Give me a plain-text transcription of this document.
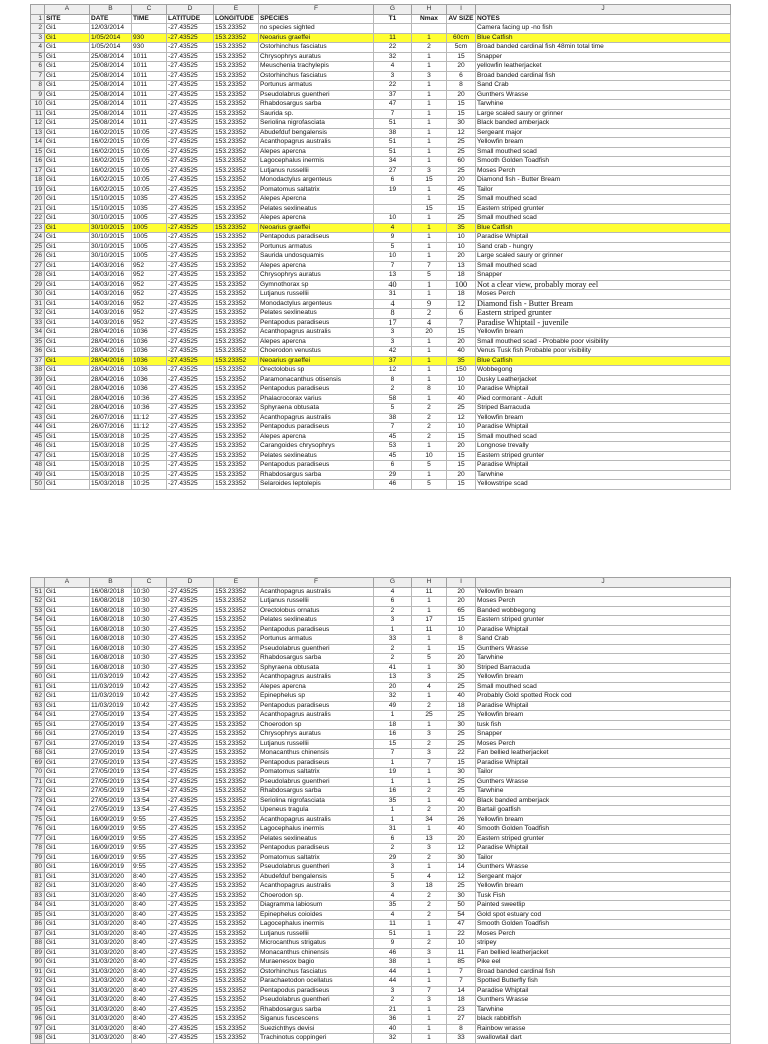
	A	B	C	D	E	F	G	H	I	J
1	SITE	DATE	TIME	LATITUDE	LONGITUDE	SPECIES	T1	Nmax	AV SIZE	NOTES
2	Gi1	12/03/2014		-27.43525	153.23352	no species sighted				Camera facing up -no fish
3	Gi1	1/05/2014	930	-27.43525	153.23352	Neoarius graeffei	11	1	60cm	Blue Catfish
4	Gi1	1/05/2014	930	-27.43525	153.23352	Ostorhinchus fasciatus	22	2	5cm	Broad banded cardinal fish 48min total time
5	Gi1	25/08/2014	1011	-27.43525	153.23352	Chrysophrys auratus	32	1	15	Snapper
6	Gi1	25/08/2014	1011	-27.43525	153.23352	Meuschenia trachylepis	4	1	20	yellowfin leatherjacket
7	Gi1	25/08/2014	1011	-27.43525	153.23352	Ostorhinchus fasciatus	3	3	6	Broad banded cardinal fish
8	Gi1	25/08/2014	1011	-27.43525	153.23352	Portunus armatus	22	1	8	Sand Crab
9	Gi1	25/08/2014	1011	-27.43525	153.23352	Pseudolabrus guentheri	37	1	20	Gunthers Wrasse
10	Gi1	25/08/2014	1011	-27.43525	153.23352	Rhabdosargus sarba	47	1	15	Tarwhine
11	Gi1	25/08/2014	1011	-27.43525	153.23352	Saurida sp.	7	1	15	Large scaled saury or grinner
12	Gi1	25/08/2014	1011	-27.43525	153.23352	Seriolina nigrofasciata	51	1	30	Black banded amberjack
13	Gi1	16/02/2015	10:05	-27.43525	153.23352	Abudefduf bengalensis	38	1	12	Sergeant major
14	Gi1	16/02/2015	10:05	-27.43525	153.23352	Acanthopagrus australis	51	1	25	Yellowfin bream
15	Gi1	16/02/2015	10:05	-27.43525	153.23352	Alepes apercna	51	1	25	Small mouthed scad
16	Gi1	16/02/2015	10:05	-27.43525	153.23352	Lagocephalus inermis	34	1	60	Smooth Golden Toadfish
17	Gi1	16/02/2015	10:05	-27.43525	153.23352	Lutjanus russellii	27	3	25	Moses Perch
18	Gi1	16/02/2015	10:05	-27.43525	153.23352	Monodactylus argenteus	6	15	20	Diamond fish - Butter Bream
19	Gi1	16/02/2015	10:05	-27.43525	153.23352	Pomatomus saltatrix	19	1	45	Tailor
20	Gi1	15/10/2015	1035	-27.43525	153.23352	Alepes Apercna		1	25	Small mouthed scad
21	Gi1	15/10/2015	1035	-27.43525	153.23352	Pelates sexlineatus		15	15	Eastern striped grunter
22	Gi1	30/10/2015	1005	-27.43525	153.23352	Alepes apercna	10	1	25	Small mouthed scad
23	Gi1	30/10/2015	1005	-27.43525	153.23352	Neoarius graeffei	4	1	35	Blue Catfish
24	Gi1	30/10/2015	1005	-27.43525	153.23352	Pentapodus paradiseus	9	1	10	Paradise Whiptail
25	Gi1	30/10/2015	1005	-27.43525	153.23352	Portunus armatus	5	1	10	Sand crab - hungry
26	Gi1	30/10/2015	1005	-27.43525	153.23352	Saurida undosquamis	10	1	20	Large scaled saury or grinner
27	Gi1	14/03/2016	952	-27.43525	153.23352	Alepes apercna	7	7	13	Small mouthed scad
28	Gi1	14/03/2016	952	-27.43525	153.23352	Chrysophrys auratus	13	5	18	Snapper
29	Gi1	14/03/2016	952	-27.43525	153.23352	Gymnothorax sp	40	1	100	Not a clear view, probably moray eel
30	Gi1	14/03/2016	952	-27.43525	153.23352	Lutjanus russellii	31	1	18	Moses Perch
31	Gi1	14/03/2016	952	-27.43525	153.23352	Monodactylus argenteus	4	9	12	Diamond fish - Butter Bream
32	Gi1	14/03/2016	952	-27.43525	153.23352	Pelates sexlineatus	8	2	6	Eastern striped grunter
33	Gi1	14/03/2016	952	-27.43525	153.23352	Pentapodus paradiseus	17	4	7	Paradise Whiptail - juvenile
34	Gi1	28/04/2016	1036	-27.43525	153.23352	Acanthopagrus australis	3	20	15	Yellowfin bream
35	Gi1	28/04/2016	1036	-27.43525	153.23352	Alepes apercna	3	1	20	Small mouthed scad - Probable poor visibility
36	Gi1	28/04/2016	1036	-27.43525	153.23352	Choerodon venustus	42	1	40	Venus Tusk fish Probable poor visibility
37	Gi1	28/04/2016	1036	-27.43525	153.23352	Neoarius graeffei	37	1	35	Blue Catfish
38	Gi1	28/04/2016	1036	-27.43525	153.23352	Orectolobus sp	12	1	150	Wobbegong
39	Gi1	28/04/2016	1036	-27.43525	153.23352	Paramonacanthus otisensis	8	1	10	Dusky Leatherjacket
40	Gi1	28/04/2016	1036	-27.43525	153.23352	Pentapodus paradiseus	2	8	10	Paradise Whiptail
41	Gi1	28/04/2016	10:36	-27.43525	153.23352	Phalacrocorax varius	58	1	40	Pied cormorant - Adult
42	Gi1	28/04/2016	10:36	-27.43525	153.23352	Sphyraena obtusata	5	2	25	Striped Barracuda
43	Gi1	26/07/2016	11:12	-27.43525	153.23352	Acanthopagrus australis	38	2	12	Yellowfin bream
44	Gi1	26/07/2016	11:12	-27.43525	153.23352	Pentapodus paradiseus	7	2	10	Paradise Whiptail
45	Gi1	15/03/2018	10:25	-27.43525	153.23352	Alepes apercna	45	2	15	Small mouthed scad
46	Gi1	15/03/2018	10:25	-27.43525	153.23352	Carangoides chrysophrys	53	1	20	Longnose trevally
47	Gi1	15/03/2018	10:25	-27.43525	153.23352	Pelates sexlineatus	45	10	15	Eastern striped grunter
48	Gi1	15/03/2018	10:25	-27.43525	153.23352	Pentapodus paradiseus	6	5	15	Paradise Whiptail
49	Gi1	15/03/2018	10:25	-27.43525	153.23352	Rhabdosargus sarba	29	1	20	Tarwhine
50	Gi1	15/03/2018	10:25	-27.43525	153.23352	Selaroides leptolepis	46	5	15	Yellowstripe scad
	A	B	C	D	E	F	G	H	I	J
51	Gi1	16/08/2018	10:30	-27.43525	153.23352	Acanthopagrus australis	4	11	20	Yellowfin bream
52	Gi1	16/08/2018	10:30	-27.43525	153.23352	Lutjanus russellii	6	1	20	Moses Perch
53	Gi1	16/08/2018	10:30	-27.43525	153.23352	Orectolobus ornatus	2	1	65	Banded wobbegong
54	Gi1	16/08/2018	10:30	-27.43525	153.23352	Pelates sexlineatus	3	17	15	Eastern striped grunter
55	Gi1	16/08/2018	10:30	-27.43525	153.23352	Pentapodus paradiseus	1	11	10	Paradise Whiptail
56	Gi1	16/08/2018	10:30	-27.43525	153.23352	Portunus armatus	33	1	8	Sand Crab
57	Gi1	16/08/2018	10:30	-27.43525	153.23352	Pseudolabrus guentheri	2	1	15	Gunthers Wrasse
58	Gi1	16/08/2018	10:30	-27.43525	153.23352	Rhabdosargus sarba	2	5	20	Tarwhine
59	Gi1	16/08/2018	10:30	-27.43525	153.23352	Sphyraena obtusata	41	1	30	Striped Barracuda
60	Gi1	11/03/2019	10:42	-27.43525	153.23352	Acanthopagrus australis	13	3	25	Yellowfin bream
61	Gi1	11/03/2019	10:42	-27.43525	153.23352	Alepes apercna	20	4	25	Small mouthed scad
62	Gi1	11/03/2019	10:42	-27.43525	153.23352	Epinephelus sp	32	1	40	Probably Gold spotted Rock cod
63	Gi1	11/03/2019	10:42	-27.43525	153.23352	Pentapodus paradiseus	49	2	18	Paradise Whiptail
64	Gi1	27/05/2019	13:54	-27.43525	153.23352	Acanthopagrus australis	1	25	25	Yellowfin bream
65	Gi1	27/05/2019	13:54	-27.43525	153.23352	Choerodon sp	18	1	30	tusk fish
66	Gi1	27/05/2019	13:54	-27.43525	153.23352	Chrysophrys auratus	16	3	25	Snapper
67	Gi1	27/05/2019	13:54	-27.43525	153.23352	Lutjanus russellii	15	2	25	Moses Perch
68	Gi1	27/05/2019	13:54	-27.43525	153.23352	Monacanthus chinensis	7	3	22	Fan bellied leatherjacket
69	Gi1	27/05/2019	13:54	-27.43525	153.23352	Pentapodus paradiseus	1	7	15	Paradise Whiptail
70	Gi1	27/05/2019	13:54	-27.43525	153.23352	Pomatomus saltatrix	19	1	30	Tailor
71	Gi1	27/05/2019	13:54	-27.43525	153.23352	Pseudolabrus guentheri	1	1	25	Gunthers Wrasse
72	Gi1	27/05/2019	13:54	-27.43525	153.23352	Rhabdosargus sarba	16	2	25	Tarwhine
73	Gi1	27/05/2019	13:54	-27.43525	153.23352	Seriolina nigrofasciata	35	1	40	Black banded amberjack
74	Gi1	27/05/2019	13:54	-27.43525	153.23352	Upeneus tragula	1	2	20	Bartail goatfish
75	Gi1	16/09/2019	9:55	-27.43525	153.23352	Acanthopagrus australis	1	34	26	Yellowfin bream
76	Gi1	16/09/2019	9:55	-27.43525	153.23352	Lagocephalus inermis	31	1	40	Smooth Golden Toadfish
77	Gi1	16/09/2019	9:55	-27.43525	153.23352	Pelates sexlineatus	6	13	20	Eastern striped grunter
78	Gi1	16/09/2019	9:55	-27.43525	153.23352	Pentapodus paradiseus	2	3	12	Paradise Whiptail
79	Gi1	16/09/2019	9:55	-27.43525	153.23352	Pomatomus saltatrix	29	2	30	Tailor
80	Gi1	16/09/2019	9:55	-27.43525	153.23352	Pseudolabrus guentheri	3	1	14	Gunthers Wrasse
81	Gi1	31/03/2020	8:40	-27.43525	153.23352	Abudefduf bengalensis	5	4	12	Sergeant major
82	Gi1	31/03/2020	8:40	-27.43525	153.23352	Acanthopagrus australis	3	18	25	Yellowfin bream
83	Gi1	31/03/2020	8:40	-27.43525	153.23352	Choerodon sp.	4	2	30	Tusk Fish
84	Gi1	31/03/2020	8:40	-27.43525	153.23352	Diagramma labiosum	35	2	50	Painted sweetlip
85	Gi1	31/03/2020	8:40	-27.43525	153.23352	Epinephelus coioides	4	2	54	Gold spot estuary cod
86	Gi1	31/03/2020	8:40	-27.43525	153.23352	Lagocephalus inermis	11	1	47	Smooth Golden Toadfish
87	Gi1	31/03/2020	8:40	-27.43525	153.23352	Lutjanus russellii	51	1	22	Moses Perch
88	Gi1	31/03/2020	8:40	-27.43525	153.23352	Microcanthus strigatus	9	2	10	stripey
89	Gi1	31/03/2020	8:40	-27.43525	153.23352	Monacanthus chinensis	46	3	11	Fan bellied leatherjacket
90	Gi1	31/03/2020	8:40	-27.43525	153.23352	Muraenesox bagio	38	1	85	Pike eel
91	Gi1	31/03/2020	8:40	-27.43525	153.23352	Ostorhinchus fasciatus	44	1	7	Broad banded cardinal fish
92	Gi1	31/03/2020	8:40	-27.43525	153.23352	Parachaetodon ocellatus	44	1	7	Spotted Butterfly fish
93	Gi1	31/03/2020	8:40	-27.43525	153.23352	Pentapodus paradiseus	3	7	14	Paradise Whiptail
94	Gi1	31/03/2020	8:40	-27.43525	153.23352	Pseudolabrus guentheri	2	3	18	Gunthers Wrasse
95	Gi1	31/03/2020	8:40	-27.43525	153.23352	Rhabdosargus sarba	21	1	23	Tarwhine
96	Gi1	31/03/2020	8:40	-27.43525	153.23352	Siganus fuscescens	36	1	27	black rabbitfish
97	Gi1	31/03/2020	8:40	-27.43525	153.23352	Suezichthys devisi	40	1	8	Rainbow wrasse
98	Gi1	31/03/2020	8:40	-27.43525	153.23352	Trachinotus coppingeri	32	1	33	swallowtail dart
